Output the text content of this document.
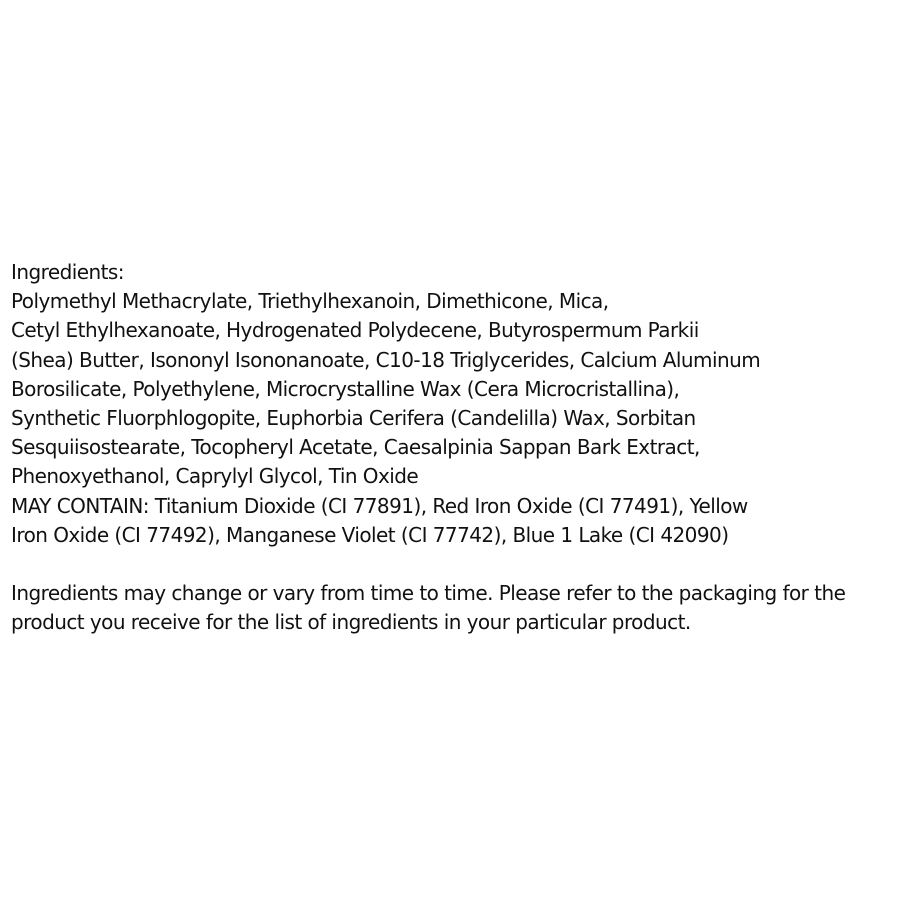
Ingredients:
Polymethyl Methacrylate, Triethylhexanoin, Dimethicone, Mica,
Cetyl Ethylhexanoate, Hydrogenated Polydecene, Butyrospermum Parkii
(Shea) Butter, Isononyl Isononanoate, C10-18 Triglycerides, Calcium Aluminum
Borosilicate, Polyethylene, Microcrystalline Wax (Cera Microcristallina),
Synthetic Fluorphlogopite, Euphorbia Cerifera (Candelilla) Wax, Sorbitan
Sesquiisostearate, Tocopheryl Acetate, Caesalpinia Sappan Bark Extract,
Phenoxyethanol, Caprylyl Glycol, Tin Oxide
MAY CONTAIN: Titanium Dioxide (CI 77891), Red Iron Oxide (CI 77491), Yellow
Iron Oxide (CI 77492), Manganese Violet (CI 77742), Blue 1 Lake (CI 42090)
Ingredients may change or vary from time to time. Please refer to the packaging for the
product you receive for the list of ingredients in your particular product.
